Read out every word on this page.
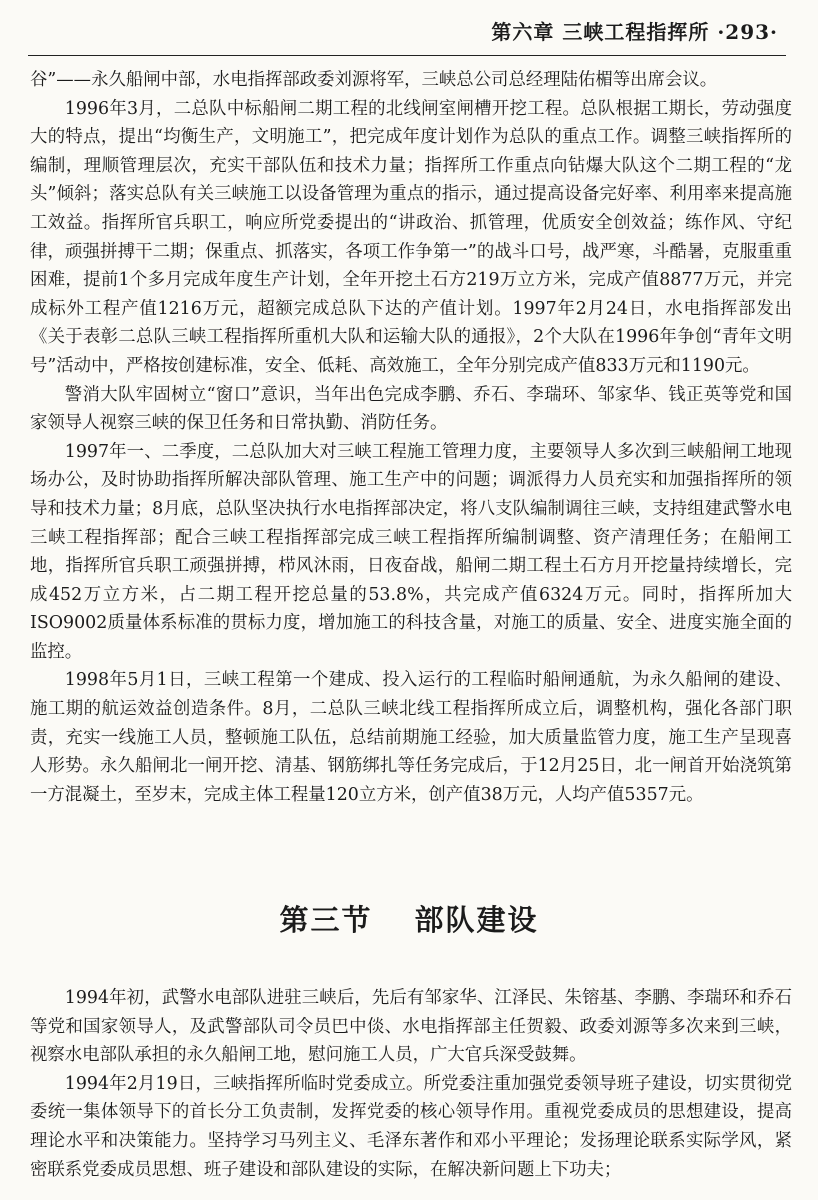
第六章 三峡工程指挥所 ·293·

谷”——永久船闸中部，水电指挥部政委刘源将军，三峡总公司总经理陆佑楣等出席会议。

1996年3月，二总队中标船闸二期工程的北线闸室闸槽开挖工程。总队根据工期长，劳动强度大的特点，提出“均衡生产，文明施工”，把完成年度计划作为总队的重点工作。调整三峡指挥所的编制，理顺管理层次，充实干部队伍和技术力量；指挥所工作重点向钻爆大队这个二期工程的“龙头”倾斜；落实总队有关三峡施工以设备管理为重点的指示，通过提高设备完好率、利用率来提高施工效益。指挥所官兵职工，响应所党委提出的“讲政治、抓管理，优质安全创效益；练作风、守纪律，顽强拼搏干二期；保重点、抓落实，各项工作争第一”的战斗口号，战严寒，斗酷暑，克服重重困难，提前1个多月完成年度生产计划，全年开挖土石方219万立方米，完成产值8877万元，并完成标外工程产值1216万元，超额完成总队下达的产值计划。1997年2月24日，水电指挥部发出《关于表彰二总队三峡工程指挥所重机大队和运输大队的通报》，2个大队在1996年争创“青年文明号”活动中，严格按创建标准，安全、低耗、高效施工，全年分别完成产值833万元和1190元。

警消大队牢固树立“窗口”意识，当年出色完成李鹏、乔石、李瑞环、邹家华、钱正英等党和国家领导人视察三峡的保卫任务和日常执勤、消防任务。

1997年一、二季度，二总队加大对三峡工程施工管理力度，主要领导人多次到三峡船闸工地现场办公，及时协助指挥所解决部队管理、施工生产中的问题；调派得力人员充实和加强指挥所的领导和技术力量；8月底，总队坚决执行水电指挥部决定，将八支队编制调往三峡，支持组建武警水电三峡工程指挥部；配合三峡工程指挥部完成三峡工程指挥所编制调整、资产清理任务；在船闸工地，指挥所官兵职工顽强拼搏，栉风沐雨，日夜奋战，船闸二期工程土石方月开挖量持续增长，完成452万立方米，占二期工程开挖总量的53.8%，共完成产值6324万元。同时，指挥所加大ISO9002质量体系标准的贯标力度，增加施工的科技含量，对施工的质量、安全、进度实施全面的监控。

1998年5月1日，三峡工程第一个建成、投入运行的工程临时船闸通航，为永久船闸的建设、施工期的航运效益创造条件。8月，二总队三峡北线工程指挥所成立后，调整机构，强化各部门职责，充实一线施工人员，整顿施工队伍，总结前期施工经验，加大质量监管力度，施工生产呈现喜人形势。永久船闸北一闸开挖、清基、钢筋绑扎等任务完成后，于12月25日，北一闸首开始浇筑第一方混凝土，至岁末，完成主体工程量120立方米，创产值38万元，人均产值5357元。

第三节 部队建设

1994年初，武警水电部队进驻三峡后，先后有邹家华、江泽民、朱镕基、李鹏、李瑞环和乔石等党和国家领导人，及武警部队司令员巴中倓、水电指挥部主任贺毅、政委刘源等多次来到三峡，视察水电部队承担的永久船闸工地，慰问施工人员，广大官兵深受鼓舞。

1994年2月19日，三峡指挥所临时党委成立。所党委注重加强党委领导班子建设，切实贯彻党委统一集体领导下的首长分工负责制，发挥党委的核心领导作用。重视党委成员的思想建设，提高理论水平和决策能力。坚持学习马列主义、毛泽东著作和邓小平理论；发扬理论联系实际学风，紧密联系党委成员思想、班子建设和部队建设的实际，在解决新问题上下功夫；
